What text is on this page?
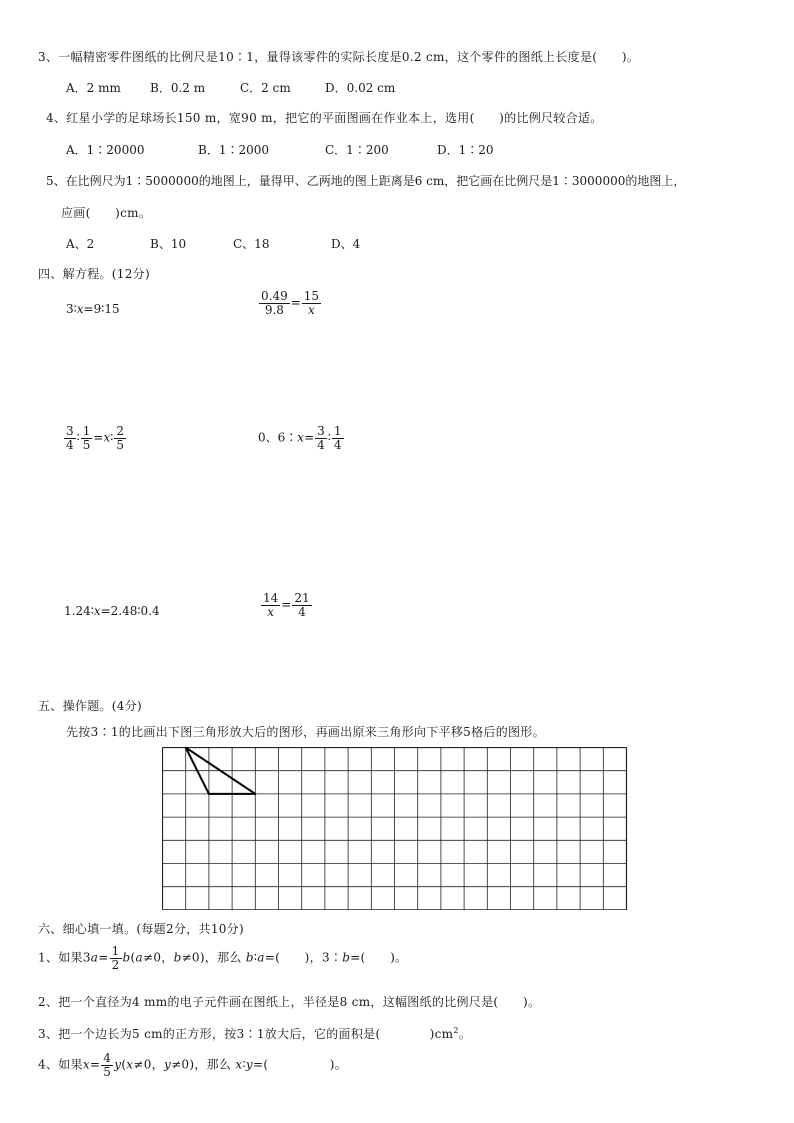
3、一幅精密零件图纸的比例尺是10∶1，量得该零件的实际长度是0.2 cm，这个零件的图纸上长度是(　　)。
A．2 mm B．0.2 m	C．2 cm	D．0.02 cm
4、红星小学的足球场长150 m，宽90 m，把它的平面图画在作业本上，选用(　　)的比例尺较合适。
A．1∶20000	B．1∶2000	C．1∶200	D．1∶20
5、在比例尺为1∶5000000的地图上，量得甲、乙两地的图上距离是6 cm，把它画在比例尺是1∶3000000的地图上，
应画(　　)cm。
A、2	B、10	C、18	D、4
四、解方程。(12分)
3∶x=9∶15	$\frac{0.49}{9.8} = \frac{15}{x}$
$\frac{3}{4}$ ∶ $\frac{1}{5}$ =x∶ $\frac{2}{5}$	0、6∶x= $\frac{3}{4}$ ∶ $\frac{1}{4}$
1.24∶x=2.48∶0.4	$\frac{14}{x} = \frac{21}{4}$
五、操作题。(4分)
先按3∶1的比画出下图三角形放大后的图形，再画出原来三角形向下平移5格后的图形。
六、细心填一填。(每题2分，共10分)
1、如果$3a= \frac{1}{2} b(a\ne 0$，b≠0)，那么 b∶a=(　　)，3∶b=(　　)。
2、把一个直径为4 mm的电子元件画在图纸上，半径是8 cm，这幅图纸的比例尺是(　　)。
3、把一个边长为5 cm的正方形，按3∶1放大后，它的面积是(　　　　)$cm^2$。
4、如果$x= \frac{4}{5} y(x\ne 0$，y≠0)，那么 x∶y=(　　　　　)。
